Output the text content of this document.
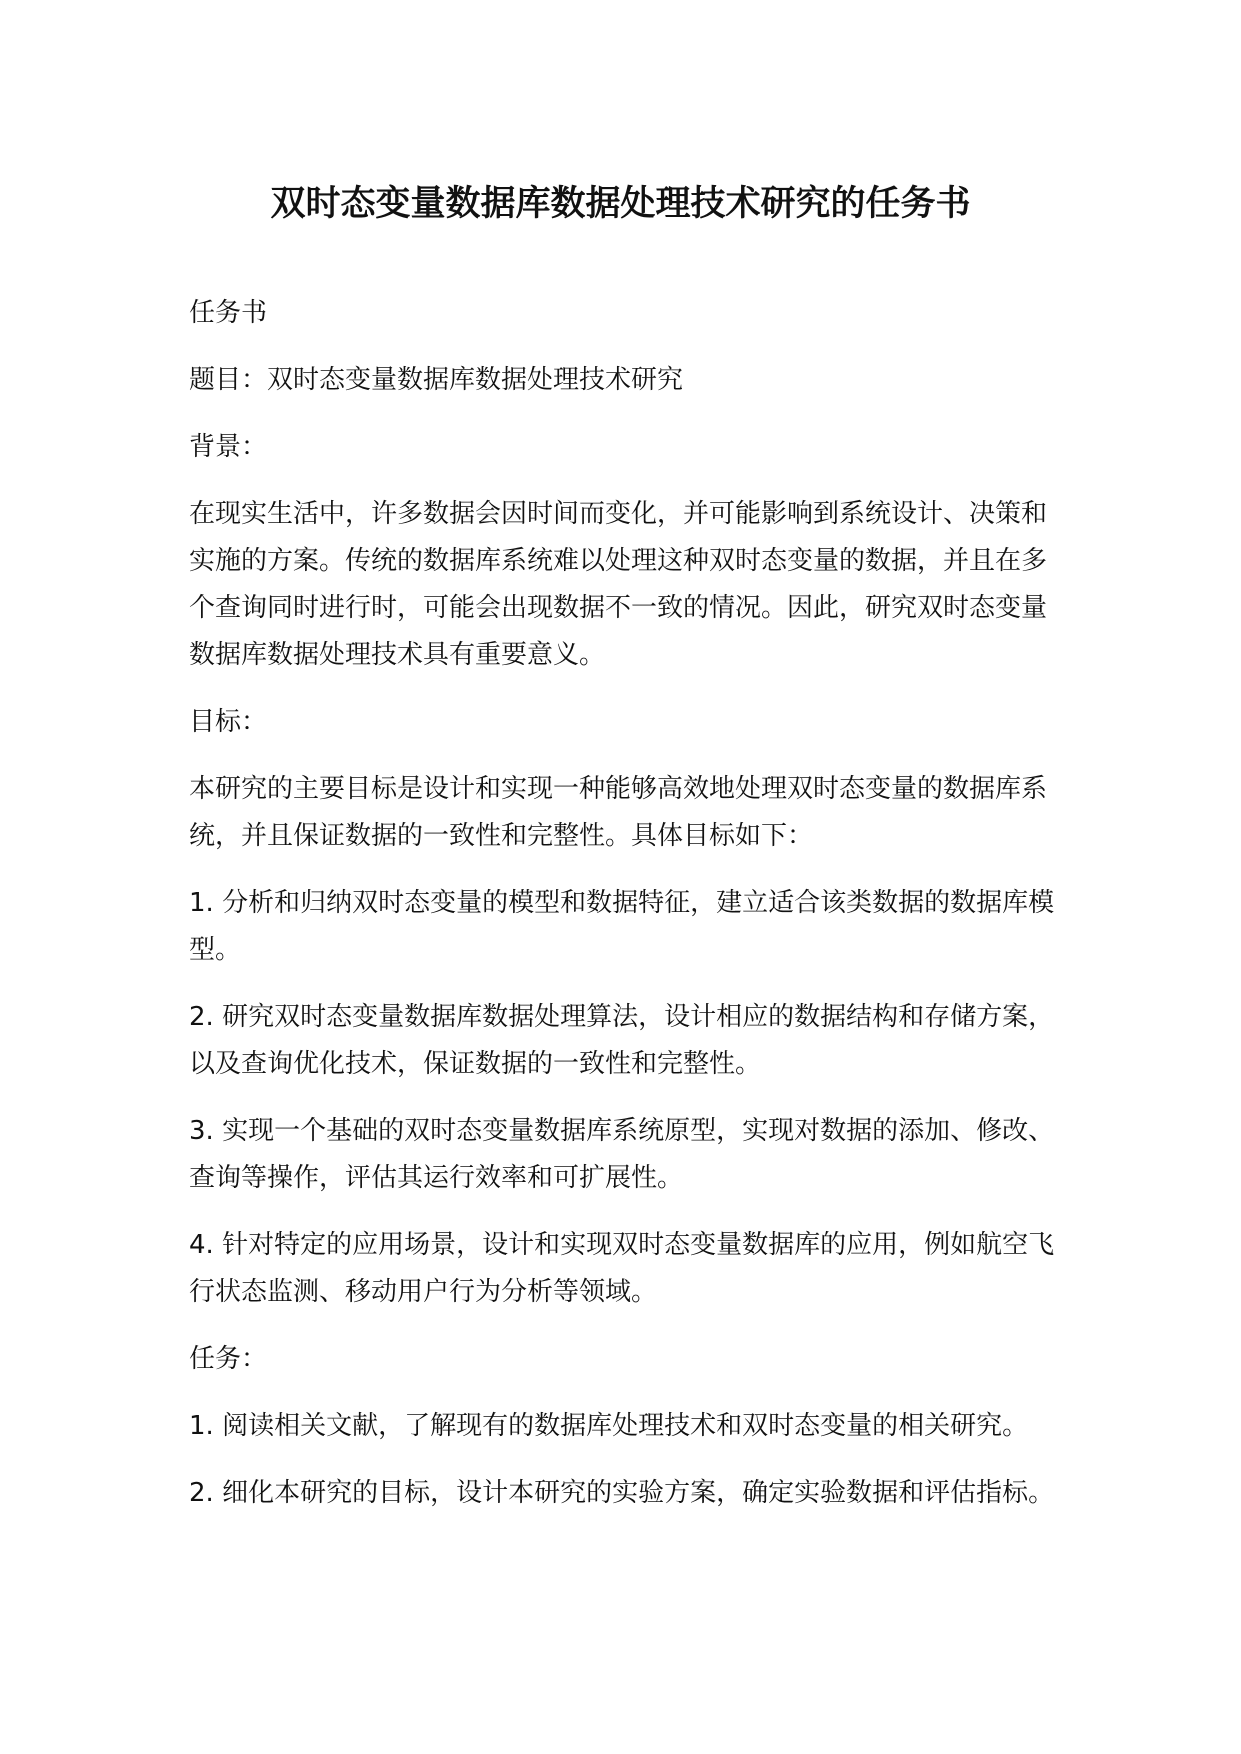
双时态变量数据库数据处理技术研究的任务书

任务书

题目：双时态变量数据库数据处理技术研究

背景：

在现实生活中，许多数据会因时间而变化，并可能影响到系统设计、决策和实施的方案。传统的数据库系统难以处理这种双时态变量的数据，并且在多个查询同时进行时，可能会出现数据不一致的情况。因此，研究双时态变量数据库数据处理技术具有重要意义。

目标：

本研究的主要目标是设计和实现一种能够高效地处理双时态变量的数据库系统，并且保证数据的一致性和完整性。具体目标如下：

1. 分析和归纳双时态变量的模型和数据特征，建立适合该类数据的数据库模型。

2. 研究双时态变量数据库数据处理算法，设计相应的数据结构和存储方案，以及查询优化技术，保证数据的一致性和完整性。

3. 实现一个基础的双时态变量数据库系统原型，实现对数据的添加、修改、查询等操作，评估其运行效率和可扩展性。

4. 针对特定的应用场景，设计和实现双时态变量数据库的应用，例如航空飞行状态监测、移动用户行为分析等领域。

任务：

1. 阅读相关文献，了解现有的数据库处理技术和双时态变量的相关研究。

2. 细化本研究的目标，设计本研究的实验方案，确定实验数据和评估指标。
